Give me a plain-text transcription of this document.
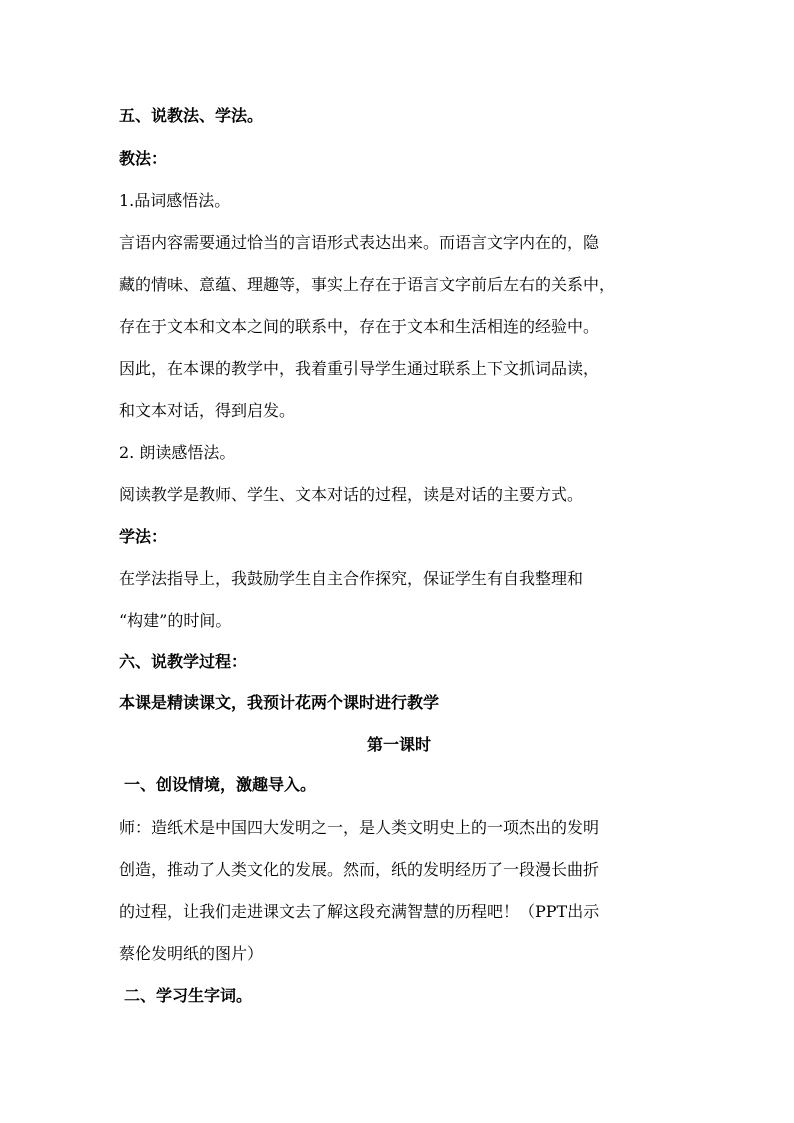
五、说教法、学法。
教法：
1.品词感悟法。
言语内容需要通过恰当的言语形式表达出来。而语言文字内在的，隐
藏的情味、意蕴、理趣等，事实上存在于语言文字前后左右的关系中，
存在于文本和文本之间的联系中，存在于文本和生活相连的经验中。
因此，在本课的教学中，我着重引导学生通过联系上下文抓词品读，
和文本对话，得到启发。
2. 朗读感悟法。
阅读教学是教师、学生、文本对话的过程，读是对话的主要方式。
学法：
在学法指导上，我鼓励学生自主合作探究，保证学生有自我整理和
“构建”的时间。
六、说教学过程：
本课是精读课文，我预计花两个课时进行教学
第一课时
一、创设情境，激趣导入。
师：造纸术是中国四大发明之一，是人类文明史上的一项杰出的发明
创造，推动了人类文化的发展。然而，纸的发明经历了一段漫长曲折
的过程，让我们走进课文去了解这段充满智慧的历程吧！（PPT出示
蔡伦发明纸的图片）
二、学习生字词。
